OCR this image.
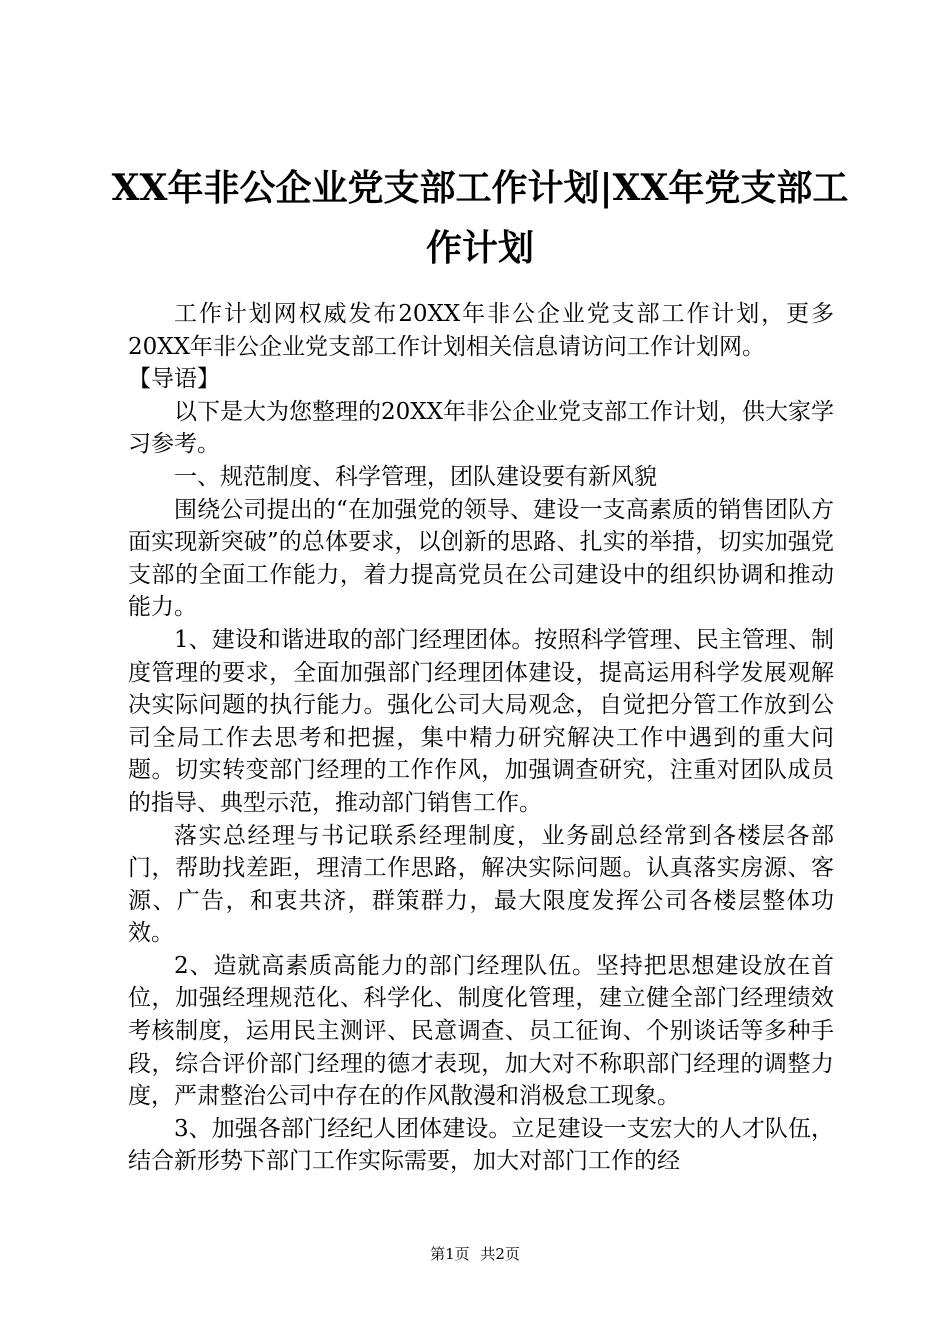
XX年非公企业党支部工作计划|XX年党支部工作计划

工作计划网权威发布20XX年非公企业党支部工作计划，更多20XX年非公企业党支部工作计划相关信息请访问工作计划网。

【导语】

以下是大为您整理的20XX年非公企业党支部工作计划，供大家学习参考。

一、规范制度、科学管理，团队建设要有新风貌

围绕公司提出的“在加强党的领导、建设一支高素质的销售团队方面实现新突破”的总体要求，以创新的思路、扎实的举措，切实加强党支部的全面工作能力，着力提高党员在公司建设中的组织协调和推动能力。

1、建设和谐进取的部门经理团体。按照科学管理、民主管理、制度管理的要求，全面加强部门经理团体建设，提高运用科学发展观解决实际问题的执行能力。强化公司大局观念，自觉把分管工作放到公司全局工作去思考和把握，集中精力研究解决工作中遇到的重大问题。切实转变部门经理的工作作风，加强调查研究，注重对团队成员的指导、典型示范，推动部门销售工作。

落实总经理与书记联系经理制度，业务副总经常到各楼层各部门，帮助找差距，理清工作思路，解决实际问题。认真落实房源、客源、广告，和衷共济，群策群力，最大限度发挥公司各楼层整体功效。

2、造就高素质高能力的部门经理队伍。坚持把思想建设放在首位，加强经理规范化、科学化、制度化管理，建立健全部门经理绩效考核制度，运用民主测评、民意调查、员工征询、个别谈话等多种手段，综合评价部门经理的德才表现，加大对不称职部门经理的调整力度，严肃整治公司中存在的作风散漫和消极怠工现象。

3、加强各部门经纪人团体建设。立足建设一支宏大的人才队伍，结合新形势下部门工作实际需要，加大对部门工作的经

第1页 共2页
